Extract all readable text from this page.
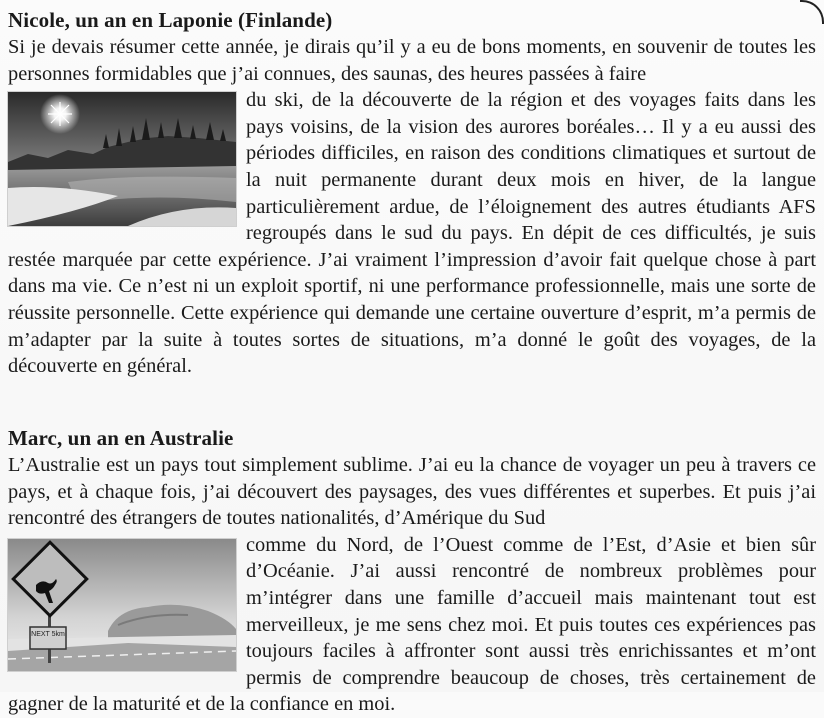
Nicole, un an en Laponie (Finlande)

Si je devais résumer cette année, je dirais qu’il y a eu de bons moments, en souvenir de toutes les personnes formidables que j’ai connues, des saunas, des heures passées à faire

du ski, de la découverte de la région et des voyages faits dans les pays voisins, de la vision des aurores boréales… Il y a eu aussi des périodes difficiles, en raison des conditions climatiques et surtout de la nuit permanente durant deux mois en hiver, de la langue particulièrement ardue, de l’éloignement des autres étudiants AFS regroupés dans le sud du pays. En dépit de ces difficultés, je suis restée marquée par cette expérience. J’ai vraiment l’impression d’avoir fait quelque chose à part dans ma vie. Ce n’est ni un exploit sportif, ni une performance professionnelle, mais une sorte de réussite personnelle. Cette expérience qui demande une certaine ouverture d’esprit, m’a permis de m’adapter par la suite à toutes sortes de situations, m’a donné le goût des voyages, de la découverte en général.

Marc, un an en Australie

L’Australie est un pays tout simplement sublime. J’ai eu la chance de voyager un peu à travers ce pays, et à chaque fois, j’ai découvert des paysages, des vues différentes et superbes. Et puis j’ai rencontré des étrangers de toutes nationalités, d’Amérique du Sud

NEXT 5km

comme du Nord, de l’Ouest comme de l’Est, d’Asie et bien sûr d’Océanie. J’ai aussi rencontré de nombreux problèmes pour m’intégrer dans une famille d’accueil mais maintenant tout est merveilleux, je me sens chez moi. Et puis toutes ces expériences pas toujours faciles à affronter sont aussi très enrichissantes et m’ont permis de comprendre beaucoup de choses, très certainement de gagner de la maturité et de la confiance en moi.
